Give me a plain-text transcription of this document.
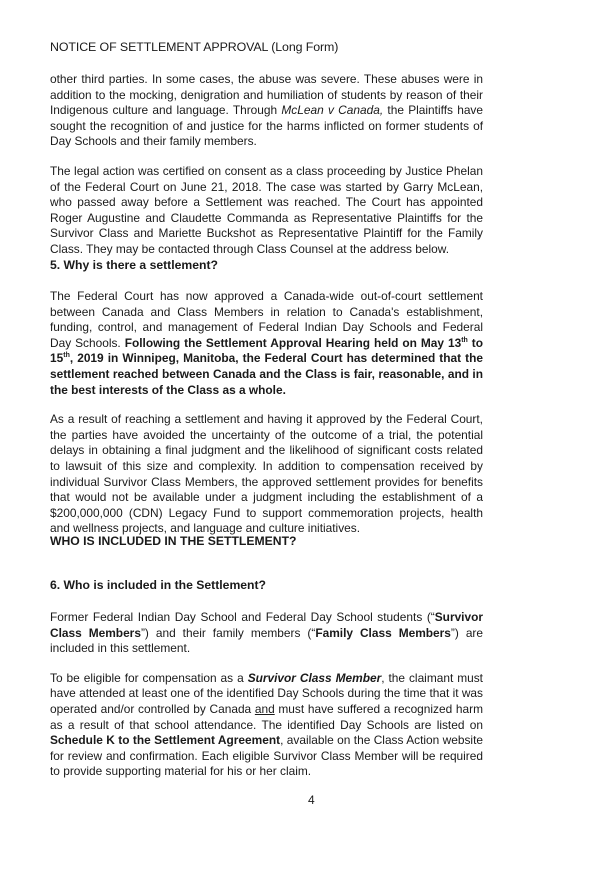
NOTICE OF SETTLEMENT APPROVAL (Long Form)

other third parties. In some cases, the abuse was severe. These abuses were in addition to the mocking, denigration and humiliation of students by reason of their Indigenous culture and language. Through McLean v Canada, the Plaintiffs have sought the recognition of and justice for the harms inflicted on former students of Day Schools and their family members.

The legal action was certified on consent as a class proceeding by Justice Phelan of the Federal Court on June 21, 2018. The case was started by Garry McLean, who passed away before a Settlement was reached. The Court has appointed Roger Augustine and Claudette Commanda as Representative Plaintiffs for the Survivor Class and Mariette Buckshot as Representative Plaintiff for the Family Class. They may be contacted through Class Counsel at the address below.

5. Why is there a settlement?

The Federal Court has now approved a Canada-wide out-of-court settlement between Canada and Class Members in relation to Canada's establishment, funding, control, and management of Federal Indian Day Schools and Federal Day Schools. Following the Settlement Approval Hearing held on May 13th to 15th, 2019 in Winnipeg, Manitoba, the Federal Court has determined that the settlement reached between Canada and the Class is fair, reasonable, and in the best interests of the Class as a whole.

As a result of reaching a settlement and having it approved by the Federal Court, the parties have avoided the uncertainty of the outcome of a trial, the potential delays in obtaining a final judgment and the likelihood of significant costs related to lawsuit of this size and complexity. In addition to compensation received by individual Survivor Class Members, the approved settlement provides for benefits that would not be available under a judgment including the establishment of a $200,000,000 (CDN) Legacy Fund to support commemoration projects, health and wellness projects, and language and culture initiatives.

WHO IS INCLUDED IN THE SETTLEMENT?
6. Who is included in the Settlement?

Former Federal Indian Day School and Federal Day School students (“Survivor Class Members”) and their family members (“Family Class Members”) are included in this settlement.

To be eligible for compensation as a Survivor Class Member, the claimant must have attended at least one of the identified Day Schools during the time that it was operated and/or controlled by Canada and must have suffered a recognized harm as a result of that school attendance. The identified Day Schools are listed on Schedule K to the Settlement Agreement, available on the Class Action website for review and confirmation. Each eligible Survivor Class Member will be required to provide supporting material for his or her claim.

4
